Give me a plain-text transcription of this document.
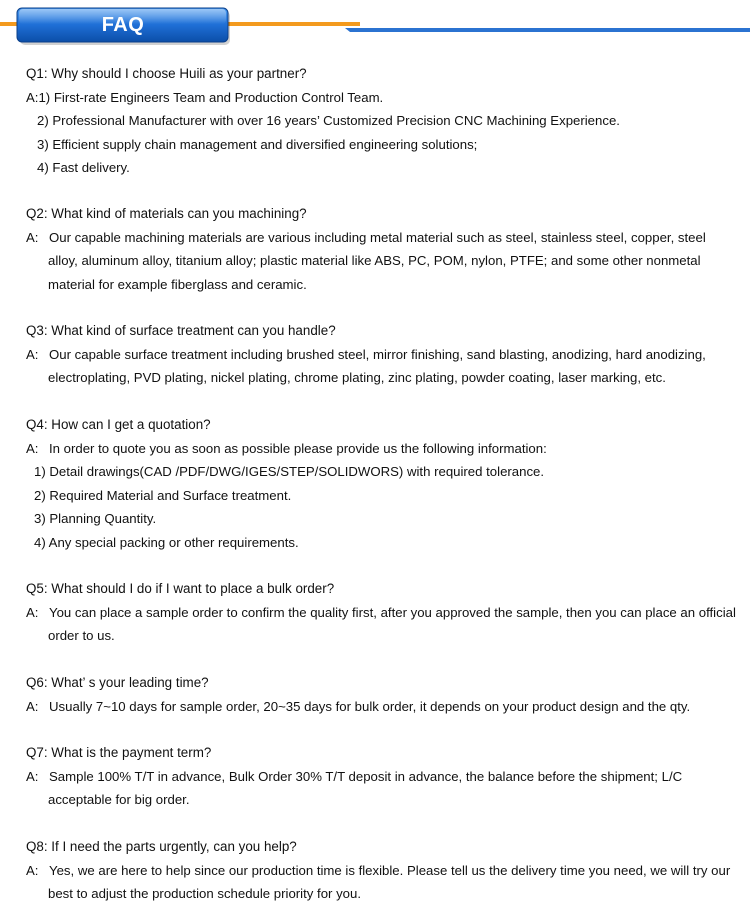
FAQ
Q1: Why should I choose Huili as your partner?
A:1) First-rate Engineers Team and Production Control Team.
2) Professional Manufacturer with over 16 years’ Customized Precision CNC Machining Experience.
3) Efficient supply chain management and diversified engineering solutions;
4) Fast delivery.
Q2: What kind of materials can you machining?
A: Our capable machining materials are various including metal material such as steel, stainless steel, copper, steel
alloy, aluminum alloy, titanium alloy; plastic material like ABS, PC, POM, nylon, PTFE; and some other nonmetal
material for example fiberglass and ceramic.
Q3: What kind of surface treatment can you handle?
A: Our capable surface treatment including brushed steel, mirror finishing, sand blasting, anodizing, hard anodizing,
electroplating, PVD plating, nickel plating, chrome plating, zinc plating, powder coating, laser marking, etc.
Q4: How can I get a quotation?
A: In order to quote you as soon as possible please provide us the following information:
1) Detail drawings(CAD /PDF/DWG/IGES/STEP/SOLIDWORS) with required tolerance.
2) Required Material and Surface treatment.
3) Planning Quantity.
4) Any special packing or other requirements.
Q5: What should I do if I want to place a bulk order?
A: You can place a sample order to confirm the quality first, after you approved the sample, then you can place an official
order to us.
Q6: What’ s your leading time?
A: Usually 7~10 days for sample order, 20~35 days for bulk order, it depends on your product design and the qty.
Q7: What is the payment term?
A: Sample 100% T/T in advance, Bulk Order 30% T/T deposit in advance, the balance before the shipment; L/C
acceptable for big order.
Q8: If I need the parts urgently, can you help?
A: Yes, we are here to help since our production time is flexible. Please tell us the delivery time you need, we will try our
best to adjust the production schedule priority for you.
